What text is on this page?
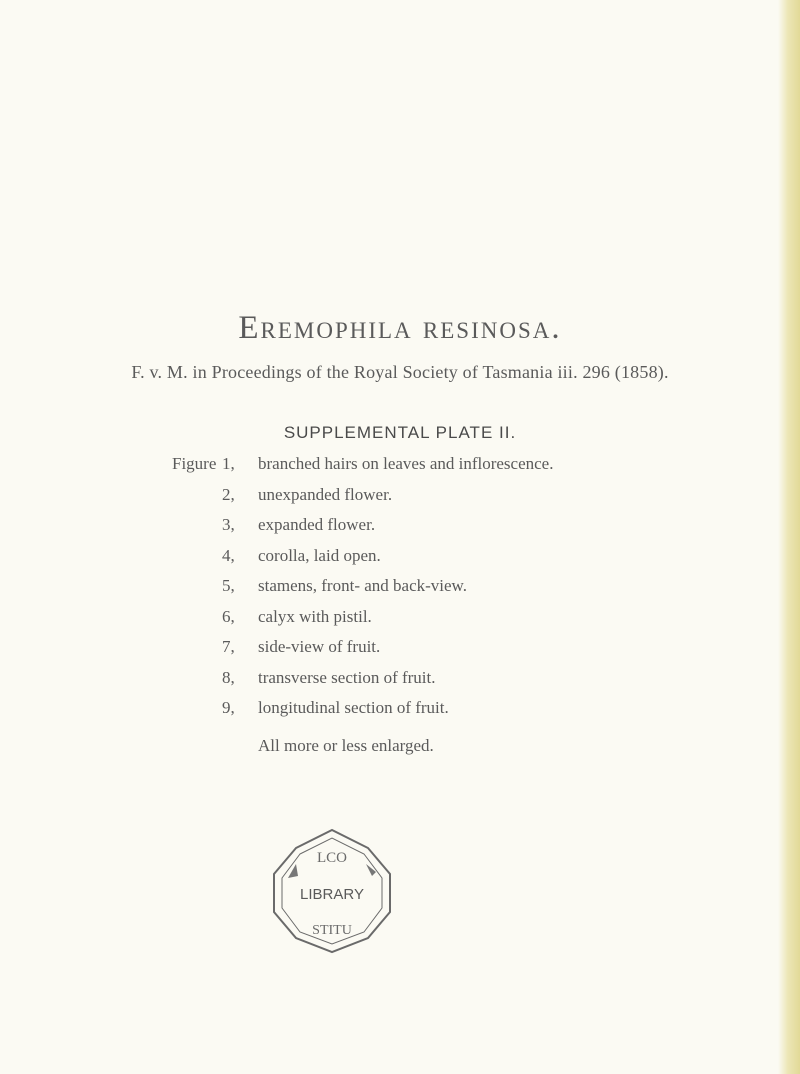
Eremophila resinosa.
F. v. M. in Proceedings of the Royal Society of Tasmania iii. 296 (1858).
SUPPLEMENTAL PLATE II.
Figure 1,	branched hairs on leaves and inflorescence.
2,	unexpanded flower.
3,	expanded flower.
4,	corolla, laid open.
5,	stamens, front- and back-view.
6,	calyx with pistil.
7,	side-view of fruit.
8,	transverse section of fruit.
9,	longitudinal section of fruit.
All more or less enlarged.
LCO
LIBRARY
STITU
